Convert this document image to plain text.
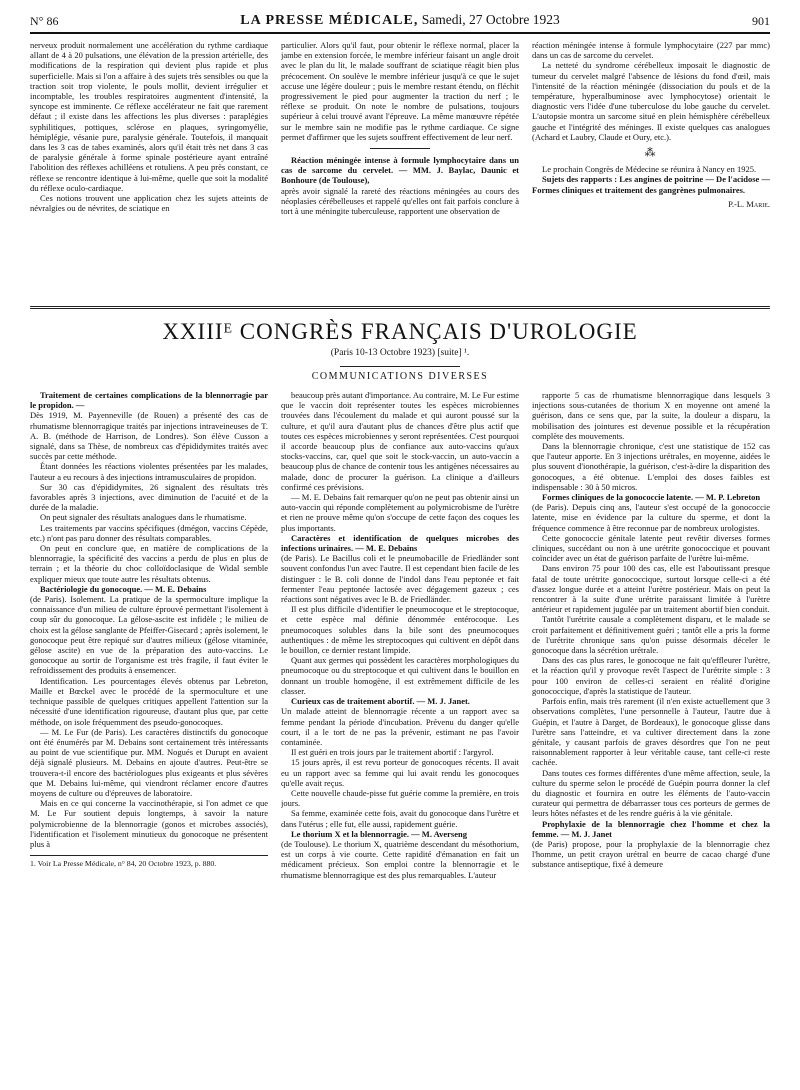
N° 86	LA PRESSE MÉDICALE, Samedi, 27 Octobre 1923	901

nerveux produit normalement une accélération du rythme cardiaque allant de 4 à 20 pulsations, une élévation de la pression artérielle, des modifications de la respiration qui devient plus rapide et plus superficielle. Mais si l'on a affaire à des sujets très sensibles ou que la traction soit trop violente, le pouls mollit, devient irrégulier et incomptable, les troubles respiratoires augmentent d'intensité, la syncope est imminente. Ce réflexe accélérateur ne fait que rarement défaut ; il existe dans les affections les plus diverses : paraplégies syphilitiques, pottiques, sclérose en plaques, syringomyélie, hémiplégie, vésanie pure, paralysie générale. Toutefois, il manquait dans les 3 cas de tabes examinés, alors qu'il était très net dans 3 cas de paralysie générale à forme spinale postérieure ayant entraîné l'abolition des réflexes achilléens et rotuliens. A peu près constant, ce réflexe se rencontre identique à lui-même, quelle que soit la modalité du réflexe oculo-cardiaque.

Ces notions trouvent une application chez les sujets atteints de névralgies ou de névrites, de sciatique en

particulier. Alors qu'il faut, pour obtenir le réflexe normal, placer la jambe en extension forcée, le membre inférieur faisant un angle droit avec le plan du lit, le malade souffrant de sciatique réagit bien plus précocement. On soulève le membre inférieur jusqu'à ce que le sujet accuse une légère douleur ; puis le membre restant étendu, on fléchit progressivement le pied pour augmenter la traction du nerf ; le réflexe se produit. On note le nombre de pulsations, toujours supérieur à celui trouvé avant l'épreuve. La même manœuvre répétée sur le membre sain ne modifie pas le rythme cardiaque. Ce signe permet d'affirmer que les sujets souffrent effectivement de leur nerf.

Réaction méningée intense à formule lymphocytaire dans un cas de sarcome du cervelet. — MM. J. Baylac, Daunic et Bonhoure (de Toulouse),

après avoir signalé la rareté des réactions méningées au cours des néoplasies cérébelleuses et rappelé qu'elles ont fait parfois conclure à tort à une méningite tuberculeuse, rapportent une observation de

réaction méningée intense à formule lymphocytaire (227 par mmc) dans un cas de sarcome du cervelet.

La netteté du syndrome cérébelleux imposait le diagnostic de tumeur du cervelet malgré l'absence de lésions du fond d'œil, mais l'intensité de la réaction méningée (dissociation du pouls et de la température, hyperalbuminose avec lymphocytose) orientait le diagnostic vers l'idée d'une tuberculose du lobe gauche du cervelet. L'autopsie montra un sarcome situé en plein hémisphère cérébelleux gauche et l'intégrité des méninges. Il existe quelques cas analogues (Achard et Laubry, Claude et Oury, etc.).

⁂

Le prochain Congrès de Médecine se réunira à Nancy en 1925.

Sujets des rapports : Les angines de poitrine — De l'acidose — Formes cliniques et traitement des gangrènes pulmonaires.

P.-L. Marie.
XXIIIᴱ CONGRÈS FRANÇAIS D'UROLOGIE
(Paris 10-13 Octobre 1923) [suite] ¹.
COMMUNICATIONS DIVERSES

Traitement de certaines complications de la blennorragie par le propidon. —

Dès 1919, M. Payenneville (de Rouen) a présenté des cas de rhumatisme blennorragique traités par injections intraveineuses de T. A. B. (méthode de Harrison, de Londres). Son élève Cusson a signalé, dans sa Thèse, de nombreux cas d'épididymites traités avec succès par cette méthode.

Étant données les réactions violentes présentées par les malades, l'auteur a eu recours à des injections intramusculaires de propidon.

Sur 30 cas d'épididymites, 26 signalent des résultats très favorables après 3 injections, avec diminution de l'acuité et de la durée de la maladie.

On peut signaler des résultats analogues dans le rhumatisme.

Les traitements par vaccins spécifiques (dmégon, vaccins Cépède, etc.) n'ont pas paru donner des résultats comparables.

On peut en conclure que, en matière de complications de la blennorragie, la spécificité des vaccins a perdu de plus en plus de terrain ; et la théorie du choc colloïdoclasique de Widal semble expliquer mieux que toute autre les résultats obtenus.

Bactériologie du gonocoque. — M. E. Debains

(de Paris). Isolement. La pratique de la spermoculture implique la connaissance d'un milieu de culture éprouvé permettant l'isolement à coup sûr du gonocoque. La gélose-ascite est infidèle ; le milieu de choix est la gélose sanglante de Pfeiffer-Gisecard ; après isolement, le gonocoque peut être repiqué sur d'autres milieux (gélose vitaminée, gélose ascite) en vue de la préparation des auto-vaccins. Le gonocoque au sortir de l'organisme est très fragile, il faut éviter le refroidissement des produits à ensemencer.

Identification. Les pourcentages élevés obtenus par Lebreton, Maille et Bœckel avec le procédé de la spermoculture et une technique passible de quelques critiques appellent l'attention sur la nécessité d'une identification rigoureuse, d'autant plus que, par cette méthode, on isole fréquemment des pseudo-gonocoques.

— M. Le Fur (de Paris). Les caractères distinctifs du gonocoque ont été énumérés par M. Debains sont certainement très intéressants au point de vue scientifique pur. MM. Nogués et Durupt en avaient déjà signalé plusieurs. M. Debains en ajoute d'autres. Peut-être se trouvera-t-il encore des bactériologues plus exigeants et plus sévères que M. Debains lui-même, qui viendront réclamer encore d'autres moyens de culture ou d'épreuves de laboratoire.

Mais en ce qui concerne la vaccinothérapie, si l'on admet ce que M. Le Fur soutient depuis longtemps, à savoir la nature polymicrobienne de la blennorragie (gonos et microbes associés), l'identification et l'isolement minutieux du gonocoque ne présentent plus à

1. Voir La Presse Médicale, n° 84, 20 Octobre 1923, p. 880.

beaucoup près autant d'importance. Au contraire, M. Le Fur estime que le vaccin doit représenter toutes les espèces microbiennes trouvées dans l'écoulement du malade et qui auront poussé sur la culture, et qu'il aura d'autant plus de chances d'être plus actif que toutes ces espèces microbiennes y seront représentées. C'est pourquoi il accorde beaucoup plus de confiance aux auto-vaccins qu'aux stocks-vaccins, car, quel que soit le stock-vaccin, un auto-vaccin a beaucoup plus de chance de contenir tous les antigènes nécessaires au malade, donc de procurer la guérison. La clinique a d'ailleurs confirmé ces prévisions.

— M. E. Debains fait remarquer qu'on ne peut pas obtenir ainsi un auto-vaccin qui réponde complètement au polymicrobisme de l'urètre et rien ne prouve même qu'on s'occupe de cette façon des coques les plus importants.

Caractères et identification de quelques microbes des infections urinaires. — M. E. Debains

(de Paris). Le Bacillus coli et le pneumobacille de Friedländer sont souvent confondus l'un avec l'autre. Il est cependant bien facile de les distinguer : le B. coli donne de l'indol dans l'eau peptonée et fait fermenter l'eau peptonée lactosée avec dégagement gazeux ; ces réactions sont négatives avec le B. de Friedländer.

Il est plus difficile d'identifier le pneumocoque et le streptocoque, et cette espèce mal définie dénommée entérocoque. Les pneumocoques solubles dans la bile sont des pneumocoques authentiques : de même les streptocoques qui cultivent en dépôt dans le bouillon, ce dernier restant limpide.

Quant aux germes qui possèdent les caractères morphologiques du pneumocoque ou du streptocoque et qui cultivent dans le bouillon en donnant un trouble homogène, il est extrêmement difficile de les classer.

Curieux cas de traitement abortif. — M. J. Janet.

Un malade atteint de blennorragie récente a un rapport avec sa femme pendant la période d'incubation. Prévenu du danger qu'elle court, il a le tort de ne pas la prévenir, estimant ne pas l'avoir contaminée.

Il est guéri en trois jours par le traitement abortif : l'argyrol.

15 jours après, il est revu porteur de gonocoques récents. Il avait eu un rapport avec sa femme qui lui avait rendu les gonocoques qu'elle avait reçus.

Cette nouvelle chaude-pisse fut guérie comme la première, en trois jours.

Sa femme, examinée cette fois, avait du gonocoque dans l'urètre et dans l'utérus ; elle fut, elle aussi, rapidement guérie.

Le thorium X et la blennorragie. — M. Averseng

(de Toulouse). Le thorium X, quatrième descendant du mésothorium, est un corps à vie courte. Cette rapidité d'émanation en fait un médicament précieux. Son emploi contre la blennorragie et le rhumatisme blennorragique est des plus remarquables. L'auteur

rapporte 5 cas de rhumatisme blennorragique dans lesquels 3 injections sous-cutanées de thorium X en moyenne ont amené la guérison, dans ce sens que, par la suite, la douleur a disparu, la mobilisation des jointures est devenue possible et la récupération complète des mouvements.

Dans la blennorragie chronique, c'est une statistique de 152 cas que l'auteur apporte. En 3 injections urétrales, en moyenne, aidées le plus souvent d'ionothérapie, la guérison, c'est-à-dire la disparition des gonocoques, a été obtenue. L'emploi des doses faibles est indispensable : 30 à 50 micros.

Formes cliniques de la gonococcie latente. — M. P. Lebreton

(de Paris). Depuis cinq ans, l'auteur s'est occupé de la gonococcie latente, mise en évidence par la culture du sperme, et dont la fréquence commence à être reconnue par de nombreux urologistes.

Cette gonococcie génitale latente peut revêtir diverses formes cliniques, succédant ou non à une urétrite gonococcique et pouvant coïncider avec un état de guérison parfaite de l'urètre lui-même.

Dans environ 75 pour 100 des cas, elle est l'aboutissant presque fatal de toute urétrite gonococcique, surtout lorsque celle-ci a été d'assez longue durée et a atteint l'urètre postérieur. Mais on peut la rencontrer à la suite d'une urétrite paraissant limitée à l'urètre antérieur et rapidement jugulée par un traitement abortif bien conduit.

Tantôt l'urétrite causale a complètement disparu, et le malade se croit parfaitement et définitivement guéri ; tantôt elle a pris la forme de l'urétrite chronique sans qu'on puisse désormais déceler le gonocoque dans la sécrétion urétrale.

Dans des cas plus rares, le gonocoque ne fait qu'effleurer l'urètre, et la réaction qu'il y provoque revêt l'aspect de l'urétrite simple : 3 pour 100 environ de celles-ci seraient en réalité d'origine gonococcique, d'après la statistique de l'auteur.

Parfois enfin, mais très rarement (il n'en existe actuellement que 3 observations complètes, l'une personnelle à l'auteur, l'autre due à Guépin, et l'autre à Darget, de Bordeaux), le gonocoque glisse dans l'urètre sans l'atteindre, et va cultiver directement dans la zone génitale, y causant parfois de graves désordres que l'on ne peut raisonnablement rapporter à leur véritable cause, tant celle-ci reste cachée.

Dans toutes ces formes différentes d'une même affection, seule, la culture du sperme selon le procédé de Guépin pourra donner la clef du diagnostic et fournira en outre les éléments de l'auto-vaccin curateur qui permettra de débarrasser tous ces porteurs de germes de leurs hôtes néfastes et de les rendre guéris à la vie génitale.

Prophylaxie de la blennorragie chez l'homme et chez la femme. — M. J. Janet

(de Paris) propose, pour la prophylaxie de la blennorragie chez l'homme, un petit crayon urétral en beurre de cacao chargé d'une substance antiseptique, fixé à demeure
